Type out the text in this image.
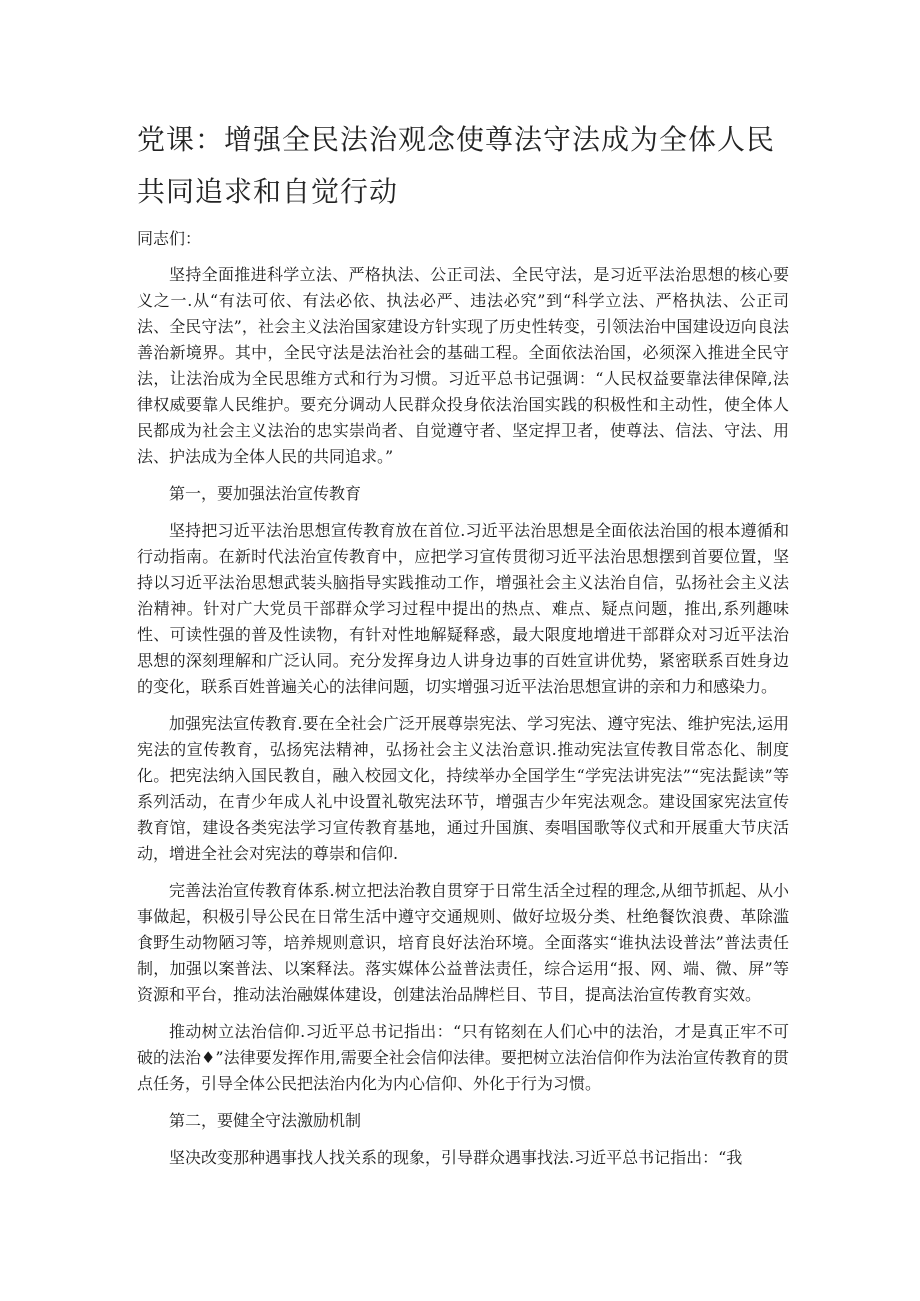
党课：增强全民法治观念使尊法守法成为全体人民
共同追求和自觉行动

同志们：

坚持全面推进科学立法、严格执法、公正司法、全民守法，是习近平法治思想的核心要义之一.从“有法可依、有法必依、执法必严、违法必究”到“科学立法、严格执法、公正司法、全民守法”，社会主义法治国家建设方针实现了历史性转变，引领法治中国建设迈向良法善治新境界。其中，全民守法是法治社会的基础工程。全面依法治国，必须深入推进全民守法，让法治成为全民思维方式和行为习惯。习近平总书记强调：“人民权益要靠法律保障,法律权威要靠人民维护。要充分调动人民群众投身依法治国实践的积极性和主动性，使全体人民都成为社会主义法治的忠实崇尚者、自觉遵守者、坚定捍卫者，使尊法、信法、守法、用法、护法成为全体人民的共同追求。”

第一，要加强法治宣传教育

坚持把习近平法治思想宣传教育放在首位.习近平法治思想是全面依法治国的根本遵循和行动指南。在新时代法治宣传教育中，应把学习宣传贯彻习近平法治思想摆到首要位置，坚持以习近平法治思想武装头脑指导实践推动工作，增强社会主义法治自信，弘扬社会主义法治精神。针对广大党员干部群众学习过程中提出的热点、难点、疑点问题，推出,系列趣味性、可读性强的普及性读物，有针对性地解疑释惑，最大限度地增进干部群众对习近平法治思想的深刻理解和广泛认同。充分发挥身边人讲身边事的百姓宣讲优势，紧密联系百姓身边的变化，联系百姓普遍关心的法律问题，切实增强习近平法治思想宣讲的亲和力和感染力。

加强宪法宣传教育.要在全社会广泛开展尊崇宪法、学习宪法、遵守宪法、维护宪法,运用宪法的宣传教育，弘扬宪法精神，弘扬社会主义法治意识.推动宪法宣传教目常态化、制度化。把宪法纳入国民教自，融入校园文化，持续举办全国学生“学宪法讲宪法”“宪法髭读”等系列活动，在青少年成人礼中设置礼敬宪法环节，增强吉少年宪法观念。建设国家宪法宣传教育馆，建设各类宪法学习宣传教育基地，通过升国旗、奏唱国歌等仪式和开展重大节庆活动，增进全社会对宪法的尊崇和信仰.

完善法治宣传教育体系.树立把法治教自贯穿于日常生活全过程的理念,从细节抓起、从小事做起，积极引导公民在日常生活中遵守交通规则、做好垃圾分类、杜绝餐饮浪费、革除滥食野生动物陋习等，培养规则意识，培育良好法治环境。全面落实“谁执法设普法”普法责任制，加强以案普法、以案释法。落实媒体公益普法责任，综合运用“报、网、端、微、屏”等资源和平台，推动法治融媒体建设，创建法治品牌栏目、节目，提高法治宣传教育实效。

推动树立法治信仰.习近平总书记指出：“只有铭刻在人们心中的法治，才是真正牢不可破的法治♦”法律要发挥作用,需要全社会信仰法律。要把树立法治信仰作为法治宣传教育的贯点任务，引导全体公民把法治内化为内心信仰、外化于行为习惯。

第二，要健全守法激励机制

坚决改变那种遇事找人找关系的现象，引导群众遇事找法.习近平总书记指出：“我
